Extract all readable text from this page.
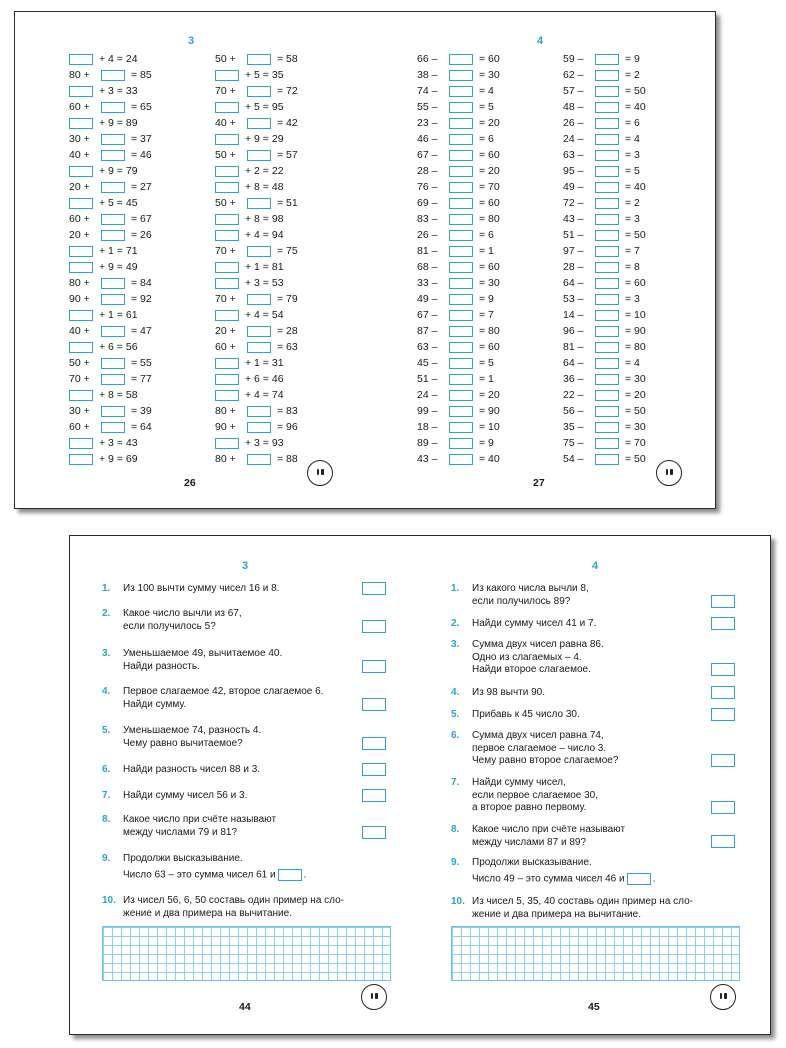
3	4
+ 4 = 24
80 +	= 85
+ 3 = 33
60 +	= 65
+ 9 = 89
30 +	= 37
40 +	= 46
+ 9 = 79
20 +	= 27
+ 5 = 45
60 +	= 67
20 +	= 26
+ 1 = 71
+ 9 = 49
80 +	= 84
90 +	= 92
+ 1 = 61
40 +	= 47
+ 6 = 56
50 +	= 55
70 +	= 77
+ 8 = 58
30 +	= 39
60 +	= 64
+ 3 = 43
+ 9 = 69
50 +	= 58
+ 5 = 35
70 +	= 72
+ 5 = 95
40 +	= 42
+ 9 = 29
50 +	= 57
+ 2 = 22
+ 8 = 48
50 +	= 51
+ 8 = 98
+ 4 = 94
70 +	= 75
+ 1 = 81
+ 3 = 53
70 +	= 79
+ 4 = 54
20 +	= 28
60 +	= 63
+ 1 = 31
+ 6 = 46
+ 4 = 74
80 +	= 83
90 +	= 96
+ 3 = 93
80 +	= 88
66 –	= 60
38 –	= 30
74 –	= 4
55 –	= 5
23 –	= 20
46 –	= 6
67 –	= 60
28 –	= 20
76 –	= 70
69 –	= 60
83 –	= 80
26 –	= 6
81 –	= 1
68 –	= 60
33 –	= 30
49 –	= 9
67 –	= 7
87 –	= 80
63 –	= 60
45 –	= 5
51 –	= 1
24 –	= 20
99 –	= 90
18 –	= 10
89 –	= 9
43 –	= 40
59 –	= 9
62 –	= 2
57 –	= 50
48 –	= 40
26 –	= 6
24 –	= 4
63 –	= 3
95 –	= 5
49 –	= 40
72 –	= 2
43 –	= 3
51 –	= 50
97 –	= 7
28 –	= 8
64 –	= 60
53 –	= 3
14 –	= 10
96 –	= 90
81 –	= 80
64 –	= 4
36 –	= 30
22 –	= 20
56 –	= 50
35 –	= 30
75 –	= 70
54 –	= 50
26	27
3	4
1. Из 100 вычти сумму чисел 16 и 8.
2. Какое число вычли из 67,
если получилось 5?
3. Уменьшаемое 49, вычитаемое 40.
Найди разность.
4. Первое слагаемое 42, второе слагаемое 6.
Найди сумму.
5. Уменьшаемое 74, разность 4.
Чему равно вычитаемое?
6. Найди разность чисел 88 и 3.
7. Найди сумму чисел 56 и 3.
8. Какое число при счёте называют
между числами 79 и 81?
9. Продолжи высказывание.
Число 63 – это сумма чисел 61 и	.
10. Из чисел 56, 6, 50 составь один пример на сло-
жение и два примера на вычитание.
1. Из какого числа вычли 8,
если получилось 89?
2. Найди сумму чисел 41 и 7.
3. Сумма двух чисел равна 86.
Одно из слагаемых – 4.
Найди второе слагаемое.
4. Из 98 вычти 90.
5. Прибавь к 45 число 30.
6. Сумма двух чисел равна 74,
первое слагаемое – число 3.
Чему равно второе слагаемое?
7. Найди сумму чисел,
если первое слагаемое 30,
а второе равно первому.
8. Какое число при счёте называют
между числами 87 и 89?
9. Продолжи высказывание.
Число 49 – это сумма чисел 46 и	.
10. Из чисел 5, 35, 40 составь один пример на сло-
жение и два примера на вычитание.
44	45
